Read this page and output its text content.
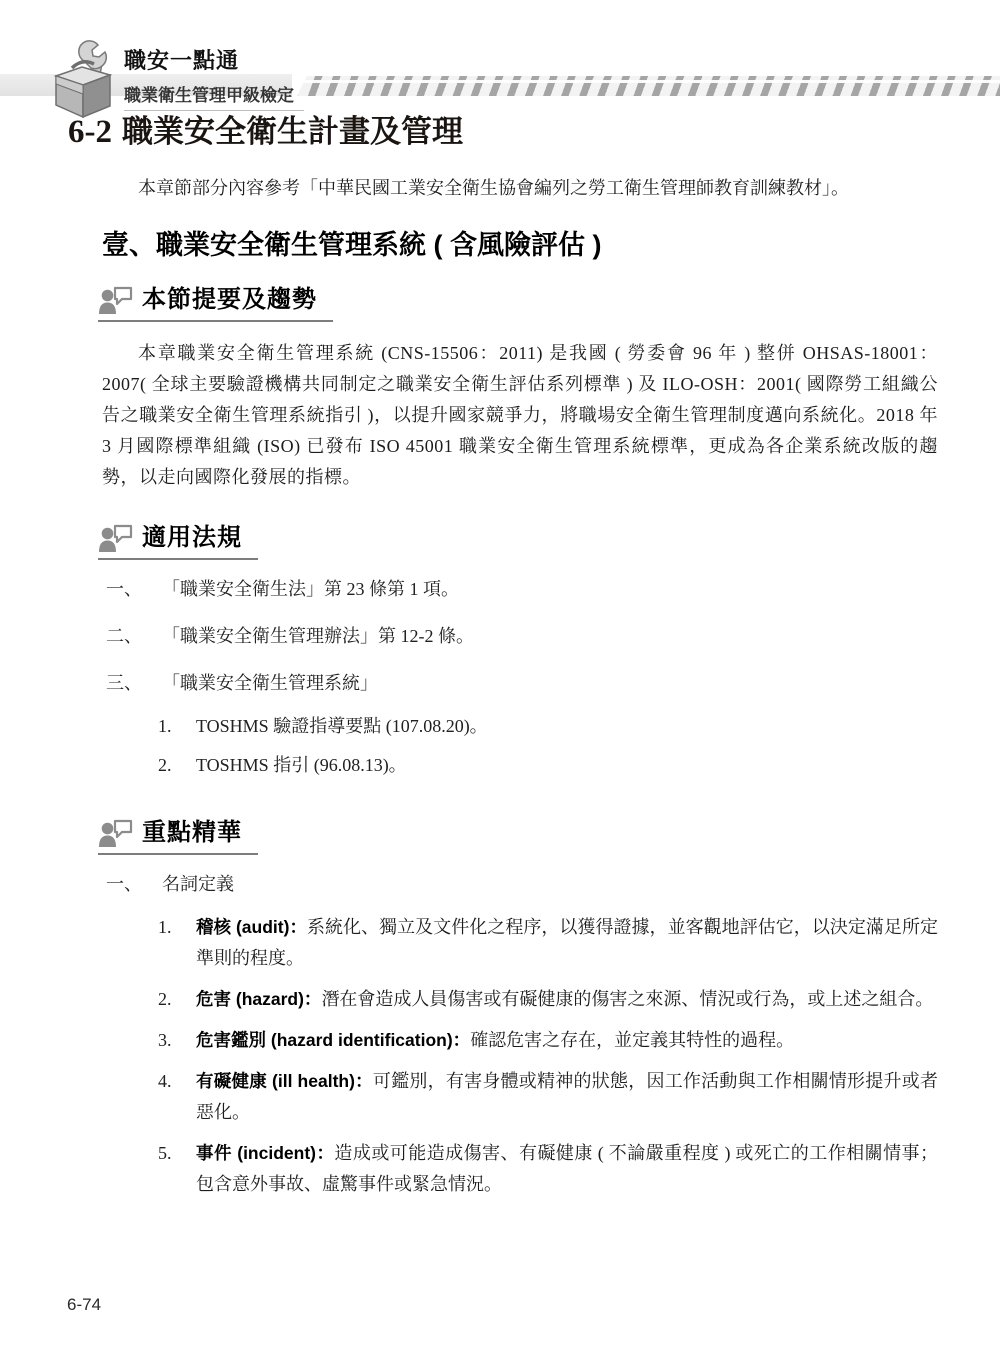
職安一點通
職業衛生管理甲級檢定
6-2 職業安全衛生計畫及管理

本章節部分內容參考「中華民國工業安全衛生協會編列之勞工衛生管理師教育訓練教材」。

壹、職業安全衛生管理系統 ( 含風險評估 )
本節提要及趨勢

本章職業安全衛生管理系統 (CNS-15506：2011) 是我國 ( 勞委會 96 年 ) 整併 OHSAS-18001：2007( 全球主要驗證機構共同制定之職業安全衛生評估系列標準 ) 及 ILO-OSH：2001( 國際勞工組織公告之職業安全衛生管理系統指引 )，以提升國家競爭力，將職場安全衛生管理制度邁向系統化。2018 年 3 月國際標準組織 (ISO) 已發布 ISO 45001 職業安全衛生管理系統標準，更成為各企業系統改版的趨勢，以走向國際化發展的指標。

適用法規
一、	「職業安全衛生法」第 23 條第 1 項。
二、	「職業安全衛生管理辦法」第 12-2 條。
三、	「職業安全衛生管理系統」
1.	TOSHMS 驗證指導要點 (107.08.20)。
2.	TOSHMS 指引 (96.08.13)。
重點精華
一、	名詞定義
1.	稽核 (audit)：系統化、獨立及文件化之程序，以獲得證據，並客觀地評估它，以決定滿足所定準則的程度。

2.	危害 (hazard)：潛在會造成人員傷害或有礙健康的傷害之來源、情況或行為，或上述之組合。

3.	危害鑑別 (hazard identification)：確認危害之存在，並定義其特性的過程。

4.	有礙健康 (ill health)：可鑑別，有害身體或精神的狀態，因工作活動與工作相關情形提升或者惡化。

5.	事件 (incident)：造成或可能造成傷害、有礙健康 ( 不論嚴重程度 ) 或死亡的工作相關情事；包含意外事故、虛驚事件或緊急情況。

6-74
